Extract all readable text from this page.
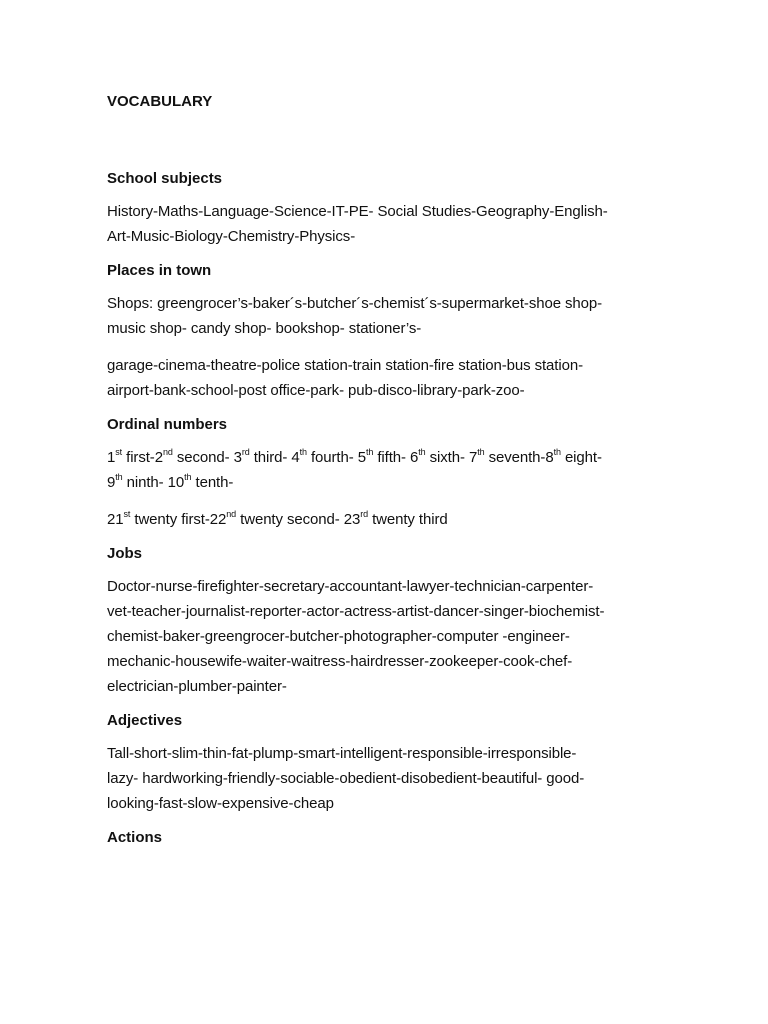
VOCABULARY
School subjects
History-Maths-Language-Science-IT-PE- Social Studies-Geography-English-
Art-Music-Biology-Chemistry-Physics-
Places in town
Shops: greengrocer’s-baker´s-butcher´s-chemist´s-supermarket-shoe shop-
music shop- candy shop- bookshop- stationer’s-
garage-cinema-theatre-police station-train station-fire station-bus station-
airport-bank-school-post office-park- pub-disco-library-park-zoo-
Ordinal numbers
1st first-2nd second- 3rd third- 4th fourth- 5th fifth- 6th sixth- 7th seventh-8th eight-
9th ninth- 10th tenth-
21st twenty first-22nd twenty second- 23rd twenty third
Jobs
Doctor-nurse-firefighter-secretary-accountant-lawyer-technician-carpenter-
vet-teacher-journalist-reporter-actor-actress-artist-dancer-singer-biochemist-
chemist-baker-greengrocer-butcher-photographer-computer -engineer-
mechanic-housewife-waiter-waitress-hairdresser-zookeeper-cook-chef-
electrician-plumber-painter-
Adjectives
Tall-short-slim-thin-fat-plump-smart-intelligent-responsible-irresponsible-
lazy- hardworking-friendly-sociable-obedient-disobedient-beautiful- good-
looking-fast-slow-expensive-cheap
Actions
